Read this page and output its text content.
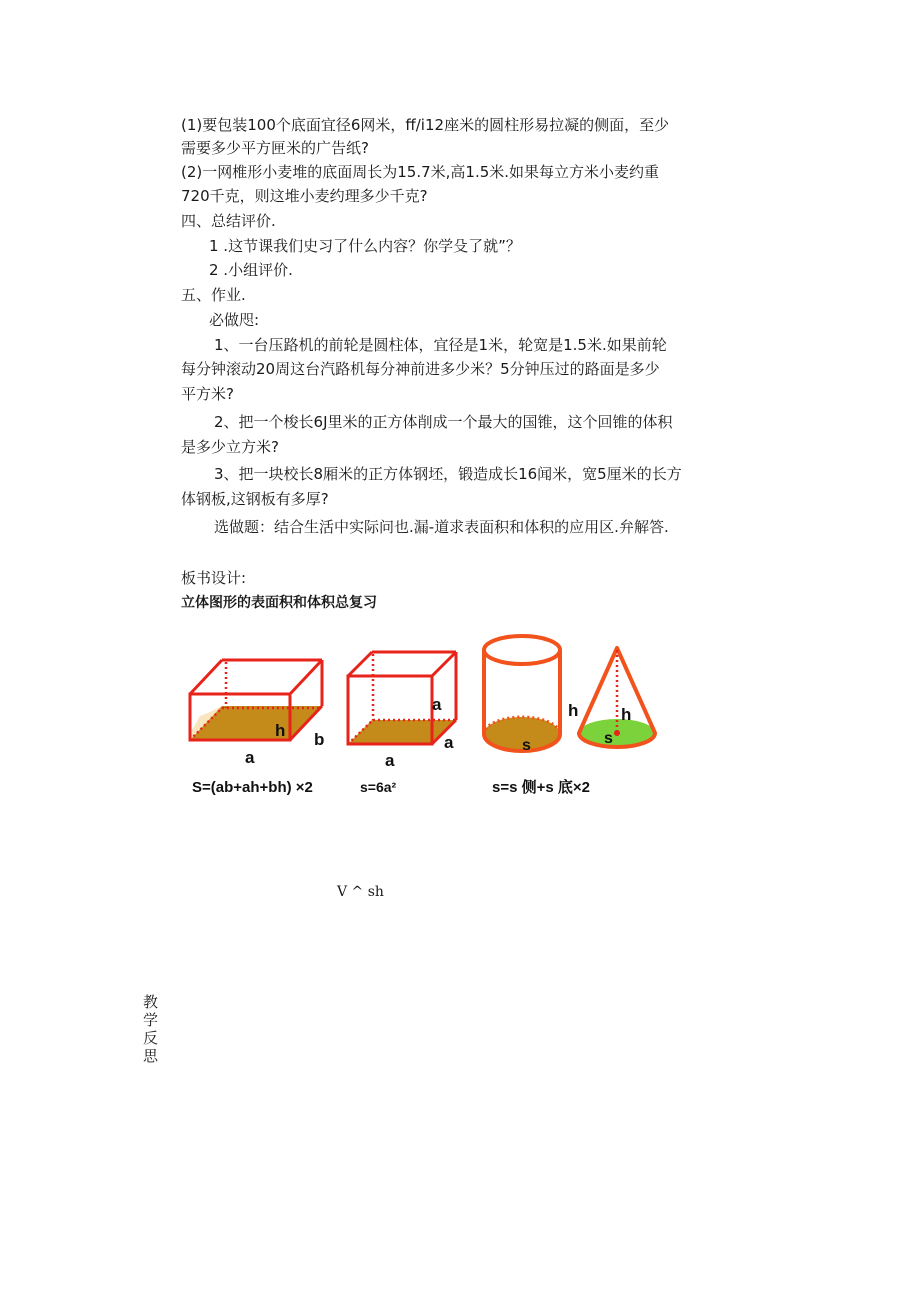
(1)要包装100个底面宜径6网米，ff/i12座米的圆柱形易拉凝的侧面，至少
需要多少平方匣米的广告纸?
(2)一网椎形小麦堆的底面周长为15.7米,高1.5米.如果每立方米小麦约重
720千克，则这堆小麦约理多少千克?
四、总结评价.
1 .这节课我们史习了什么内容？你学殳了就”？
2 .小组评价.
五、作业.
必做咫:
1、一台压路机的前轮是圆柱体，宜径是1米，轮宽是1.5米.如果前轮
每分钟滚动20周这台汽路机每分神前进多少米？5分钟压过的路面是多少
平方米?
2、把一个梭长6J里米的正方体削成一个最大的国锥，这个回锥的体积
是多少立方米?
3、把一块校长8厢米的正方体钢坯，锻造成长16闻米，宽5厘米的长方
体钢板,这钢板有多厚?
选做题：结合生活中实际问也.漏-道求表面积和体积的应用区.弁解答.
板书设计:
立体图形的表面积和体积总复习
V ^ sh
教学反思
h
a
b
a
a
a	s
h	h
s
S=(ab+ah+bh) ×2	s=6a²	s=s 侧+s 底×2
